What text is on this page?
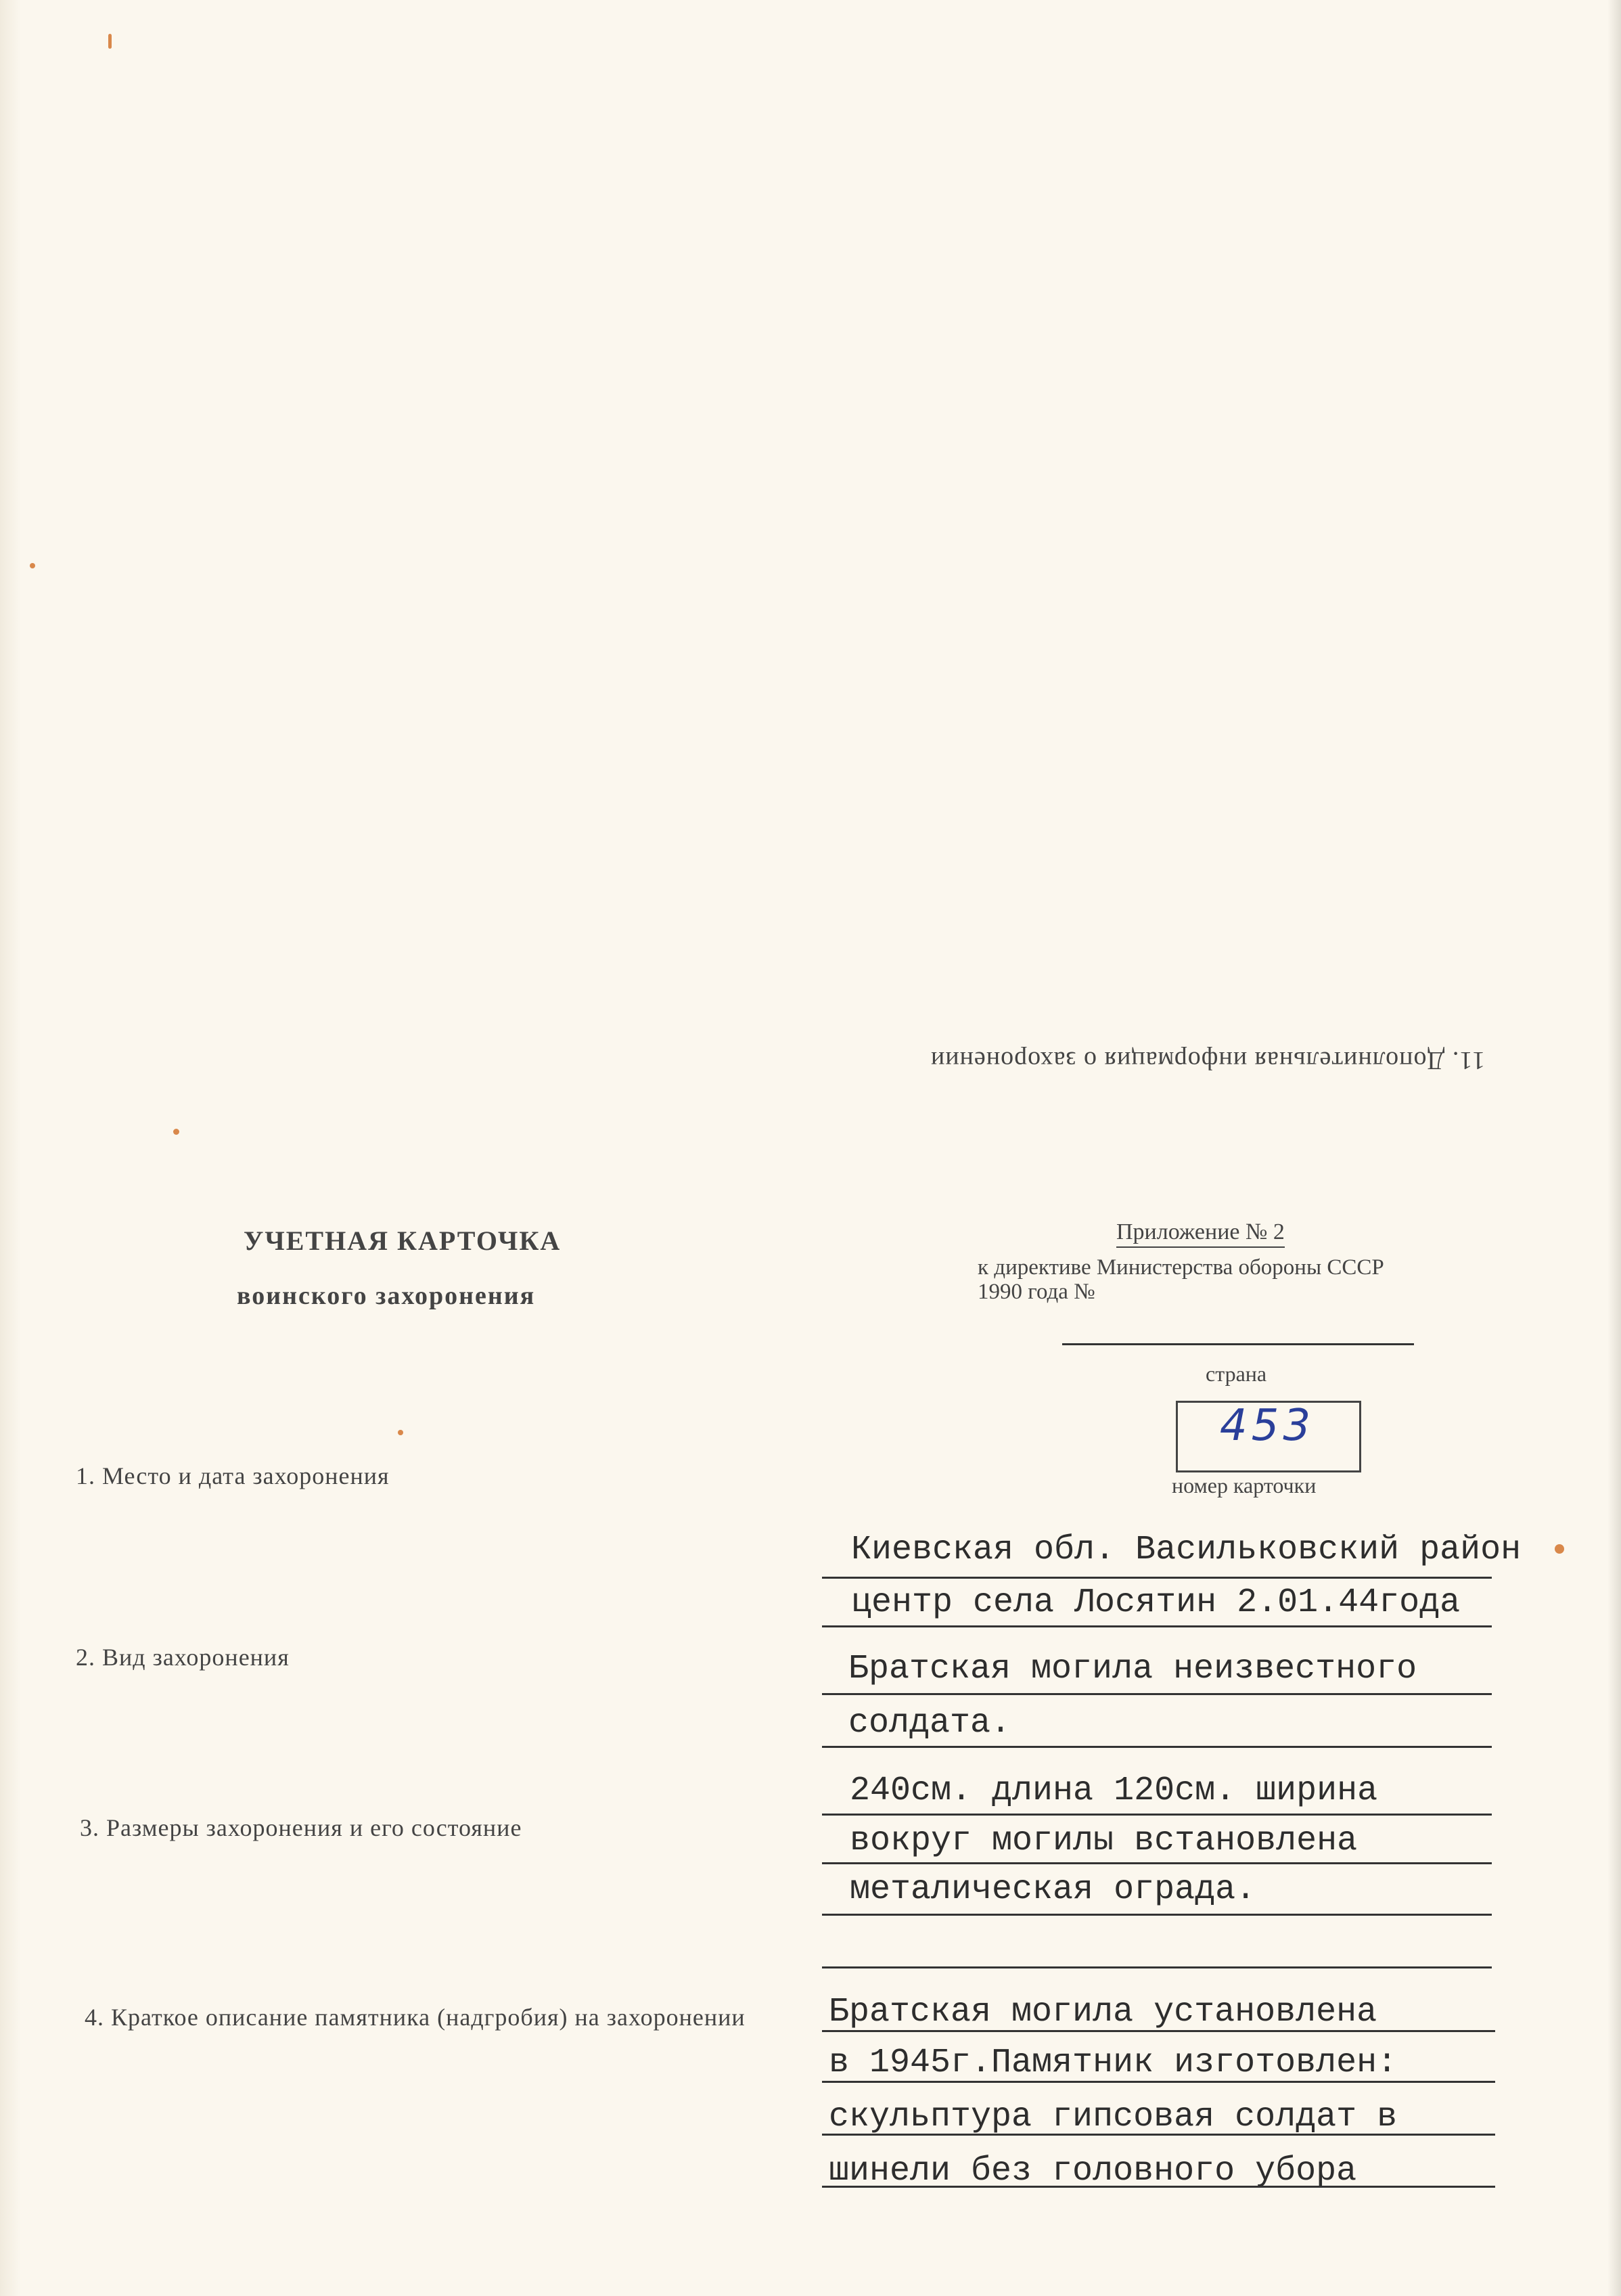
11. Дополнительная информация о захоронении
УЧЕТНАЯ КАРТОЧКА
воинского захоронения
Приложение № 2
к директиве Министерства обороны СССР
1990 года №
страна
453
номер карточки
1. Место и дата захоронения
2. Вид захоронения
3. Размеры захоронения и его состояние
4. Краткое описание памятника (надгробия) на захоронении
Киевская обл. Васильковский район
центр села Лосятин 2.01.44года
Братская могила неизвестного
солдата.
240см. длина 120см. ширина
вокруг могилы встановлена
металическая ограда.
Братская могила установлена
в 1945г.Памятник изготовлен:
скульптура гипсовая солдат в
шинели без головного убора
